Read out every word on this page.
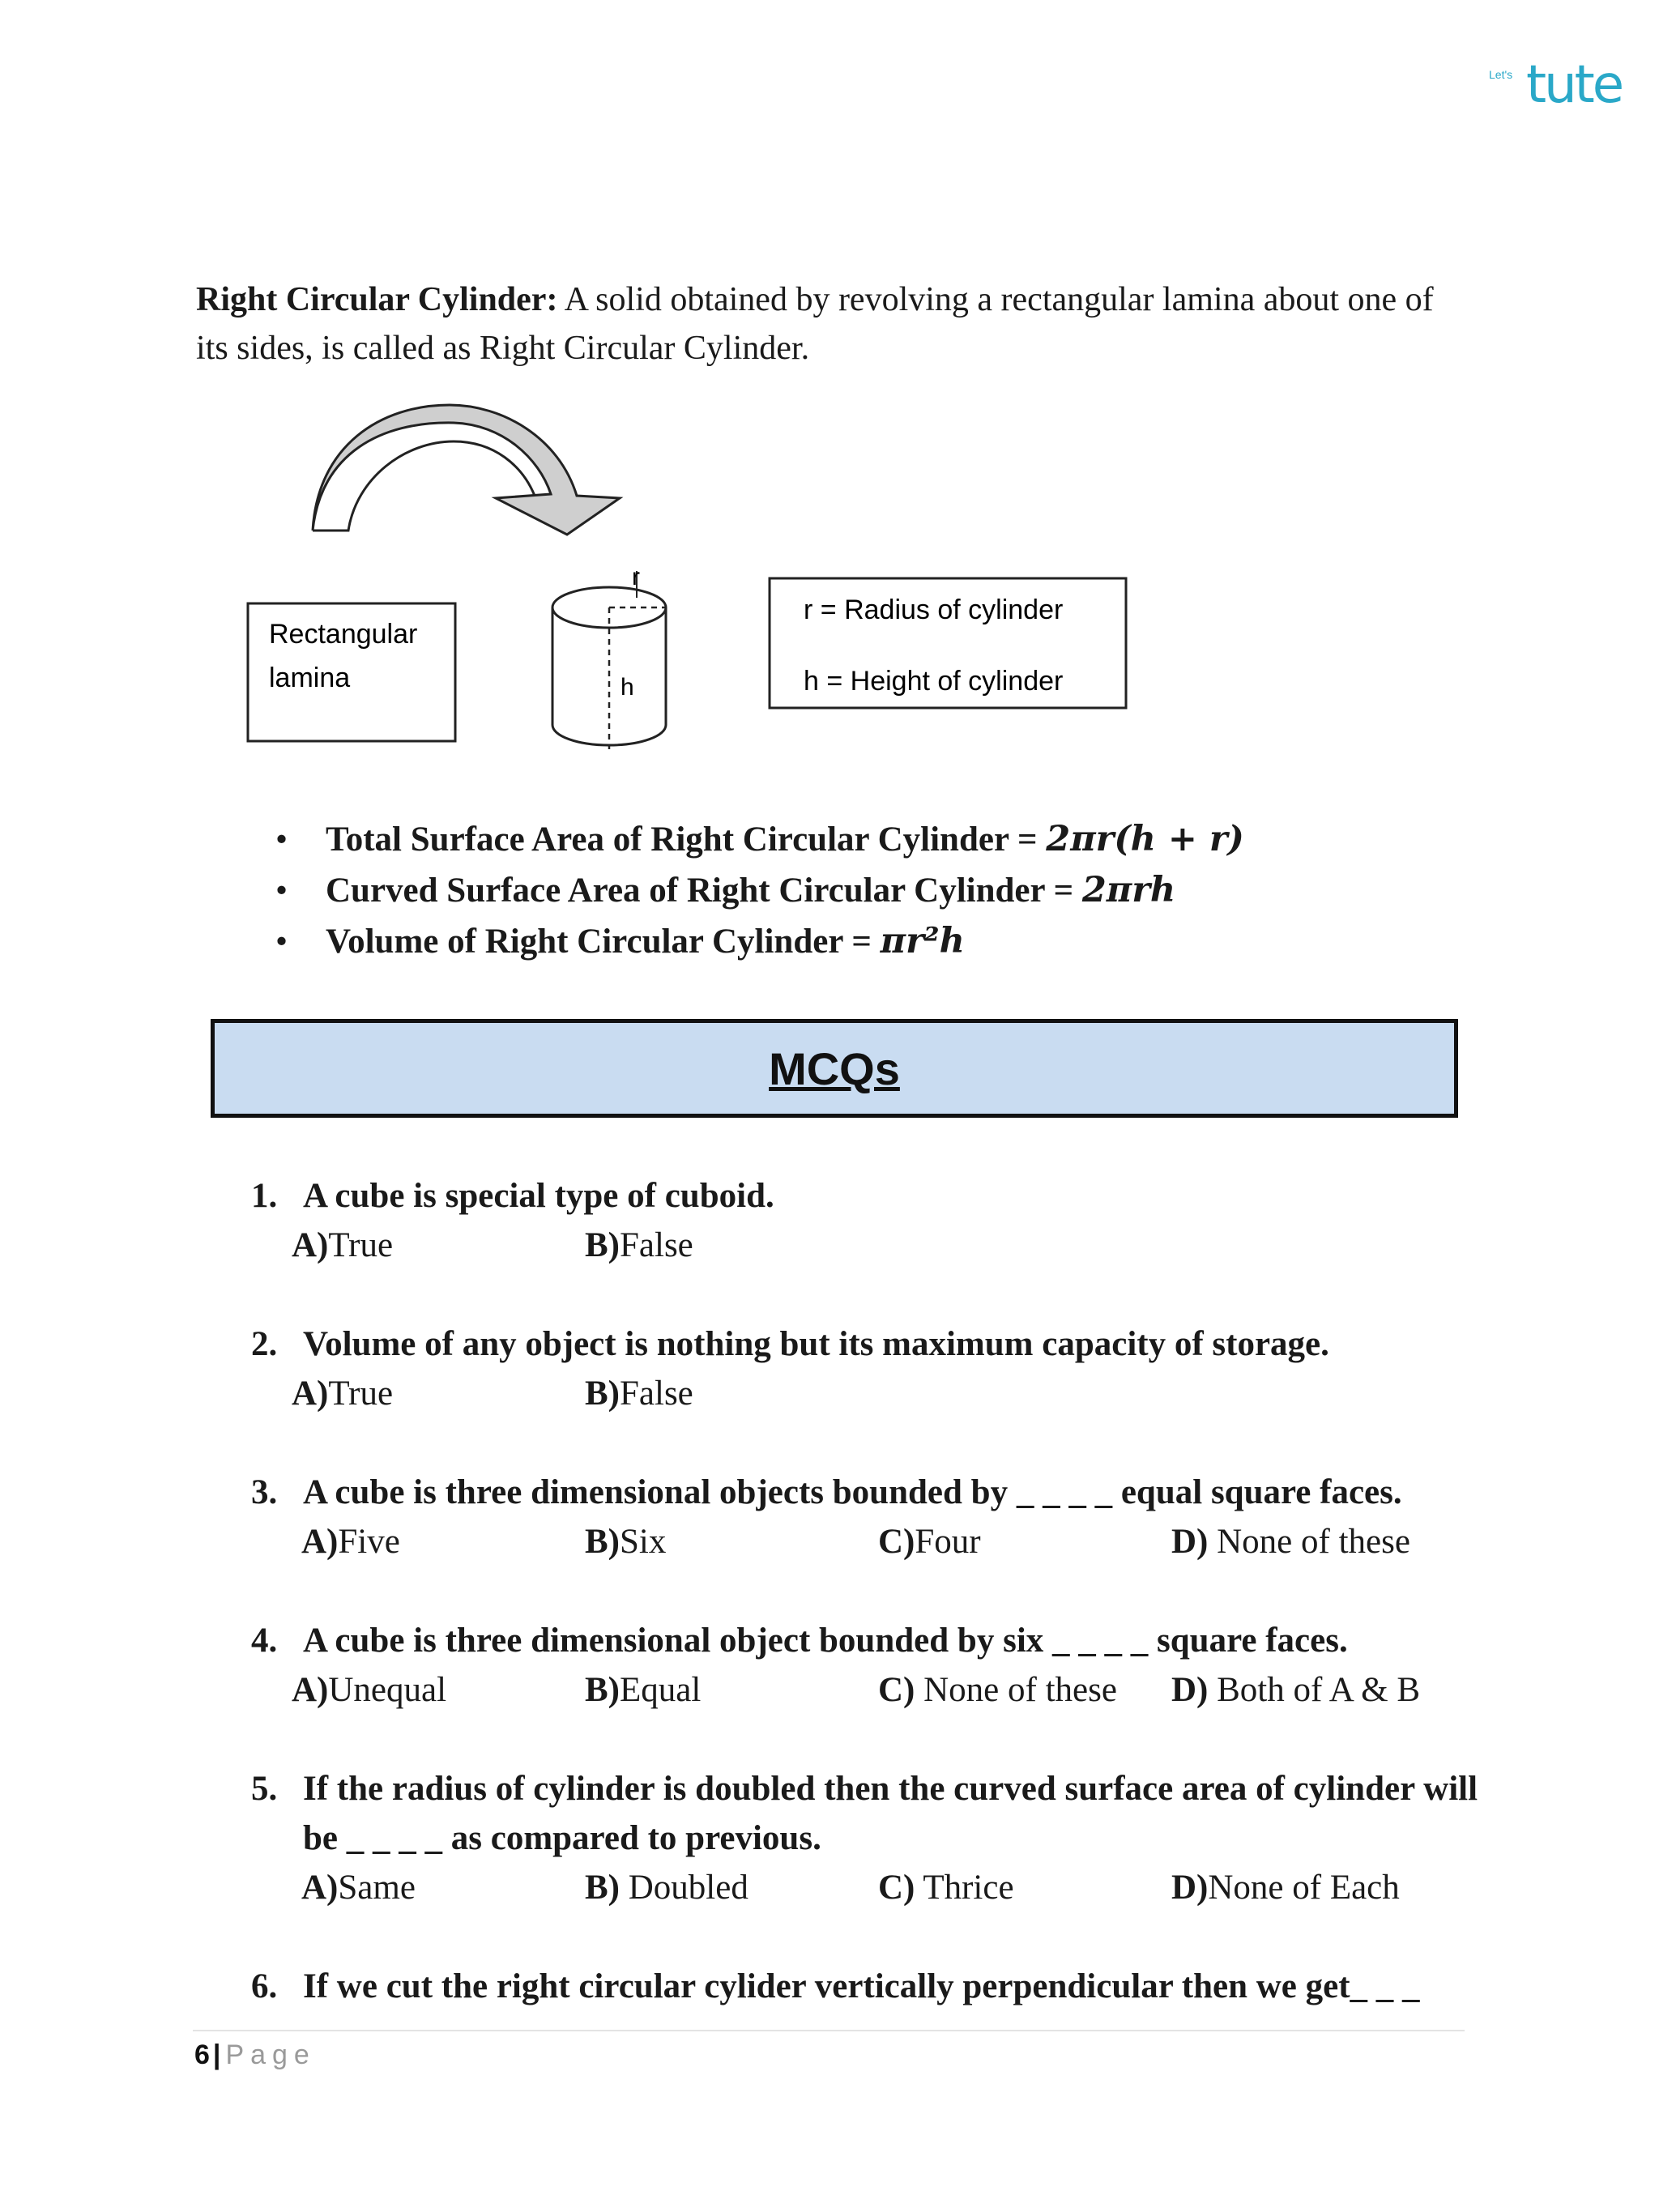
Let's tute
Right Circular Cylinder: A solid obtained by revolving a rectangular lamina about one of its sides, is called as Right Circular Cylinder.
Rectangular
lamina
r
h
r = Radius of cylinder
h = Height of cylinder
• Total Surface Area of Right Circular Cylinder = 2πr(h + r)
• Curved Surface Area of Right Circular Cylinder = 2πrh
• Volume of Right Circular Cylinder = πr²h
MCQs
1. A cube is special type of cuboid.
A)True	B)False
2. Volume of any object is nothing but its maximum capacity of storage.
A)True	B)False
3. A cube is three dimensional objects bounded by _ _ _ _ equal square faces.
A)Five	B)Six	C)Four	D) None of these
4. A cube is three dimensional object bounded by six _ _ _ _ square faces.
A)Unequal	B)Equal	C) None of these D) Both of A & B
5. If the radius of cylinder is doubled then the curved surface area of cylinder will be _ _ _ _ as compared to previous.
A)Same	B) Doubled	C) Thrice	D)None of Each
6. If we cut the right circular cylider vertically perpendicular then we get_ _ _
6 | Page
